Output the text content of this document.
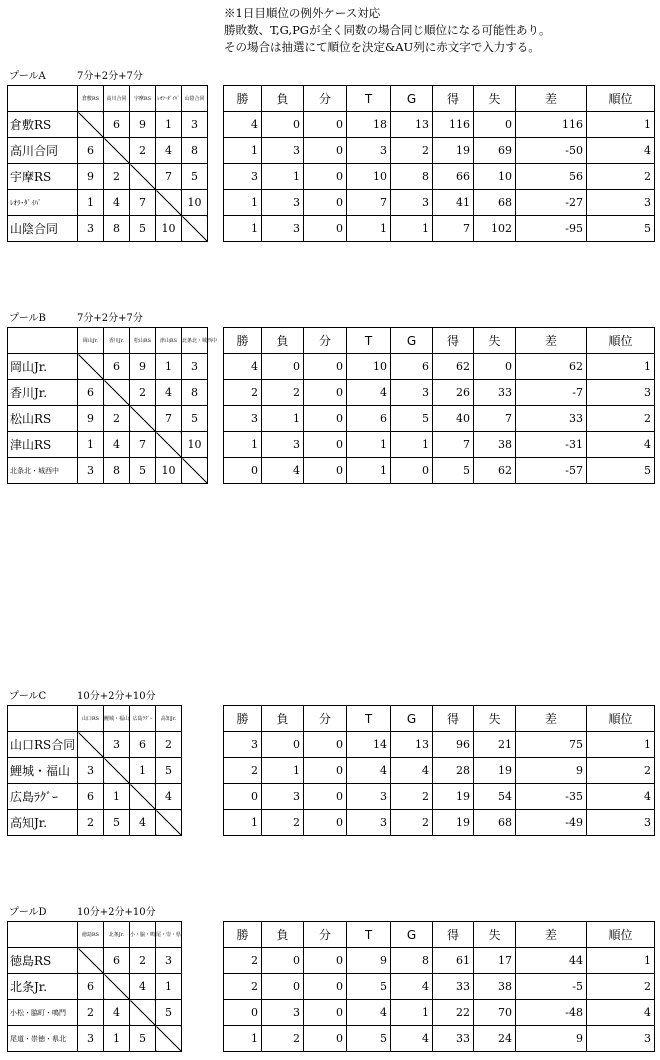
※1日目順位の例外ケース対応
勝敗数、T,G,PGが全く同数の場合同じ順位になる可能性あり。
その場合は抽選にて順位を決定&AU列に赤文字で入力する。
プールA	7分+2分+7分
	倉敷RS	高川合同	宇摩RS	ﾚｵﾗ･ﾀﾞｲﾊﾞ	山陰合同
倉敷RS		6	9	1	3
高川合同	6		2	4	8
宇摩RS	9	2		7	5
ﾚｵﾗ･ﾀﾞｲﾊﾞ	1	4	7		10
山陰合同	3	8	5	10	
勝	負	分	T	G	得	失	差	順位
4	0	0	18	13	116	0	116	1
1	3	0	3	2	19	69	-50	4
3	1	0	10	8	66	10	56	2
1	3	0	7	3	41	68	-27	3
1	3	0	1	1	7	102	-95	5
プールB	7分+2分+7分
	岡山Jr.	香川Jr.	松山RS	津山RS	北条北・城西中
岡山Jr.		6	9	1	3
香川Jr.	6		2	4	8
松山RS	9	2		7	5
津山RS	1	4	7		10
北条北・城西中	3	8	5	10	
勝	負	分	T	G	得	失	差	順位
4	0	0	10	6	62	0	62	1
2	2	0	4	3	26	33	-7	3
3	1	0	6	5	40	7	33	2
1	3	0	1	1	7	38	-31	4
0	4	0	1	0	5	62	-57	5
プールC	10分+2分+10分
	山口RS	鯉城・福山	広島ﾗｸﾞｰ	高知Jr.
山口RS合同		3	6	2
鯉城・福山	3		1	5
広島ﾗｸﾞｰ	6	1		4
高知Jr.	2	5	4	
勝	負	分	T	G	得	失	差	順位
3	0	0	14	13	96	21	75	1
2	1	0	4	4	28	19	9	2
0	3	0	3	2	19	54	-35	4
1	2	0	3	2	19	68	-49	3
プールD	10分+2分+10分
	徳島RS	北条Jr.	小・脇・鳴	尾・崇・県
徳島RS		6	2	3
北条Jr.	6		4	1
小松・脇町・鳴門	2	4		5
尾道・崇徳・県北	3	1	5	
勝	負	分	T	G	得	失	差	順位
2	0	0	9	8	61	17	44	1
2	0	0	5	4	33	38	-5	2
0	3	0	4	1	22	70	-48	4
1	2	0	5	4	33	24	9	3
